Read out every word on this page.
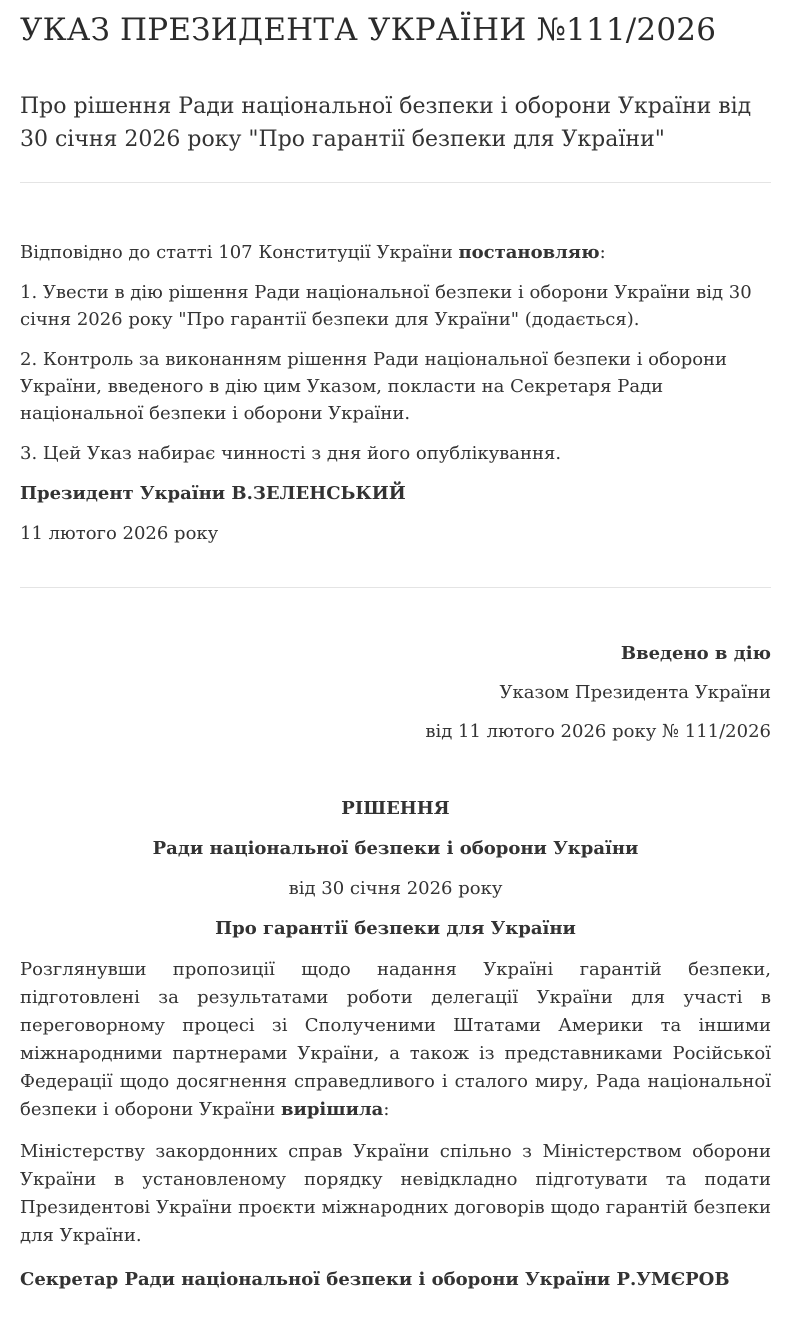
УКАЗ ПРЕЗИДЕНТА УКРАЇНИ №111/2026
Про рішення Ради національної безпеки і оборони України від 30 січня 2026 року "Про гарантії безпеки для України"

Відповідно до статті 107 Конституції України постановляю:

1. Увести в дію рішення Ради національної безпеки і оборони України від 30 січня 2026 року "Про гарантії безпеки для України" (додається).

2. Контроль за виконанням рішення Ради національної безпеки і оборони України, введеного в дію цим Указом, покласти на Секретаря Ради національної безпеки і оборони України.

3. Цей Указ набирає чинності з дня його опублікування.

Президент України В.ЗЕЛЕНСЬКИЙ

11 лютого 2026 року

Введено в дію

Указом Президента України

від 11 лютого 2026 року № 111/2026

РІШЕННЯ

Ради національної безпеки і оборони України

від 30 січня 2026 року

Про гарантії безпеки для України

Розглянувши пропозиції щодо надання Україні гарантій безпеки, підготовлені за результатами роботи делегації України для участі в переговорному процесі зі Сполученими Штатами Америки та іншими міжнародними партнерами України, а також із представниками Російської Федерації щодо досягнення справедливого і сталого миру, Рада національної безпеки і оборони України вирішила:

Міністерству закордонних справ України спільно з Міністерством оборони України в установленому порядку невідкладно підготувати та подати Президентові України проєкти міжнародних договорів щодо гарантій безпеки для України.

Секретар Ради національної безпеки і оборони України Р.УМЄРОВ
